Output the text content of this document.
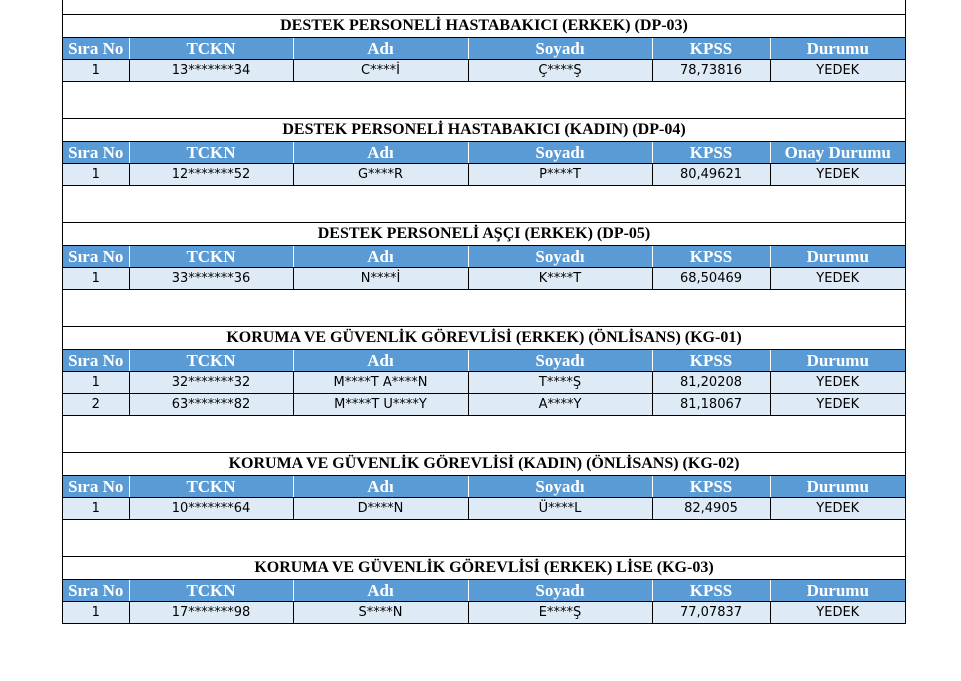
DESTEK PERSONELİ HASTABAKICI (ERKEK) (DP-03)
Sıra No	TCKN	Adı	Soyadı	KPSS	Durumu
1	13*******34	C****İ	Ç****Ş	78,73816	YEDEK
DESTEK PERSONELİ HASTABAKICI (KADIN) (DP-04)
Sıra No	TCKN	Adı	Soyadı	KPSS	Onay Durumu
1	12*******52	G****R	P****T	80,49621	YEDEK
DESTEK PERSONELİ AŞÇI (ERKEK) (DP-05)
Sıra No	TCKN	Adı	Soyadı	KPSS	Durumu
1	33*******36	N****İ	K****T	68,50469	YEDEK
KORUMA VE GÜVENLİK GÖREVLİSİ (ERKEK) (ÖNLİSANS) (KG-01)
Sıra No	TCKN	Adı	Soyadı	KPSS	Durumu
1	32*******32	M****T A****N	T****Ş	81,20208	YEDEK
2	63*******82	M****T U****Y	A****Y	81,18067	YEDEK
KORUMA VE GÜVENLİK GÖREVLİSİ (KADIN) (ÖNLİSANS) (KG-02)
Sıra No	TCKN	Adı	Soyadı	KPSS	Durumu
1	10*******64	D****N	Ü****L	82,4905	YEDEK
KORUMA VE GÜVENLİK GÖREVLİSİ (ERKEK) LİSE (KG-03)
Sıra No	TCKN	Adı	Soyadı	KPSS	Durumu
1	17*******98	S****N	E****Ş	77,07837	YEDEK
